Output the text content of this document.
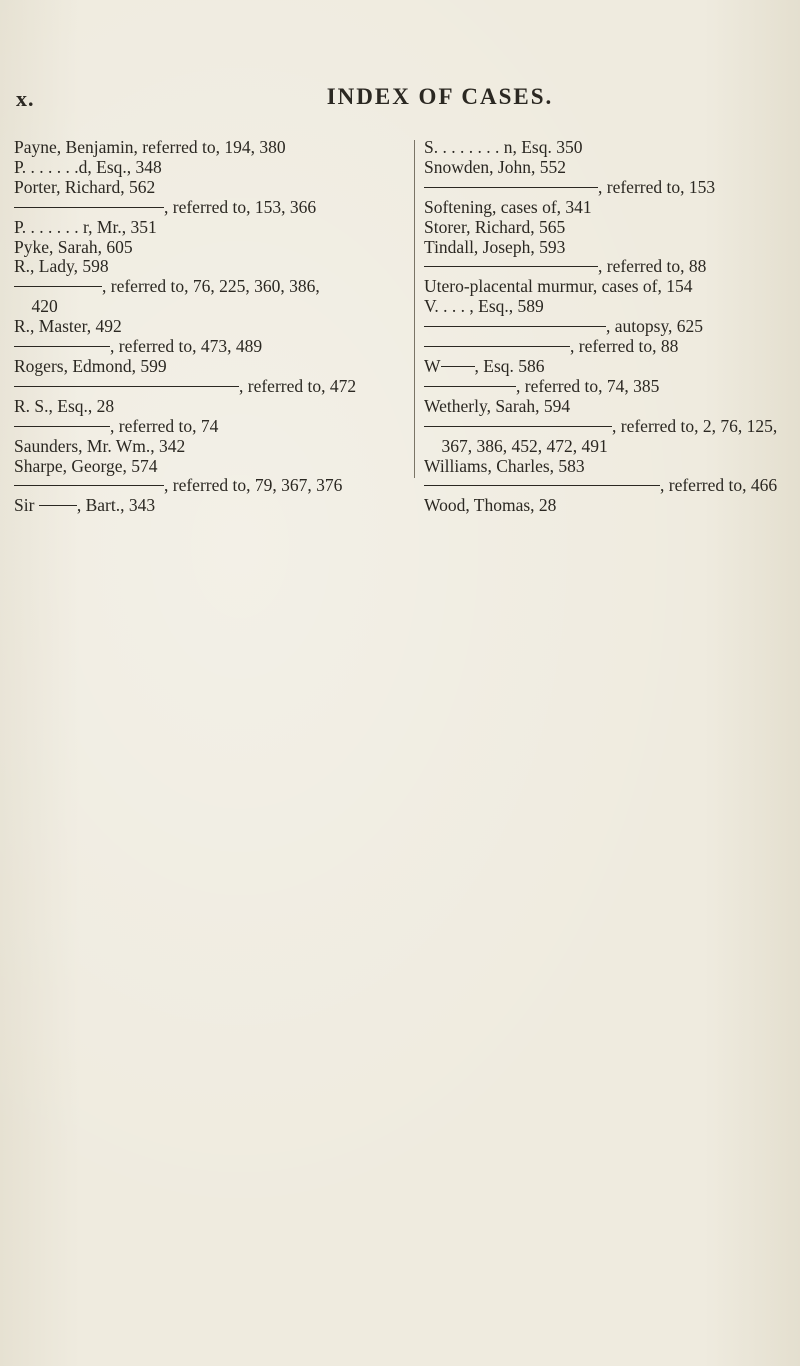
x.	INDEX OF CASES.
Payne, Benjamin, referred to, 194, 380
P. . . . . . .d, Esq., 348
Porter, Richard, 562
, referred to, 153, 366
P. . . . . . . r, Mr., 351
Pyke, Sarah, 605
R., Lady, 598
, referred to, 76, 225, 360, 386,
420
R., Master, 492
, referred to, 473, 489
Rogers, Edmond, 599
, referred to, 472
R. S., Esq., 28
, referred to, 74
Saunders, Mr. Wm., 342
Sharpe, George, 574
, referred to, 79, 367, 376
Sir , Bart., 343
S. . . . . . . . n, Esq. 350
Snowden, John, 552
, referred to, 153
Softening, cases of, 341
Storer, Richard, 565
Tindall, Joseph, 593
, referred to, 88
Utero-placental murmur, cases of, 154
V. . . . , Esq., 589
, autopsy, 625
, referred to, 88
W , Esq. 586
, referred to, 74, 385
Wetherly, Sarah, 594
, referred to, 2, 76, 125,
367, 386, 452, 472, 491
Williams, Charles, 583
, referred to, 466
Wood, Thomas, 28
